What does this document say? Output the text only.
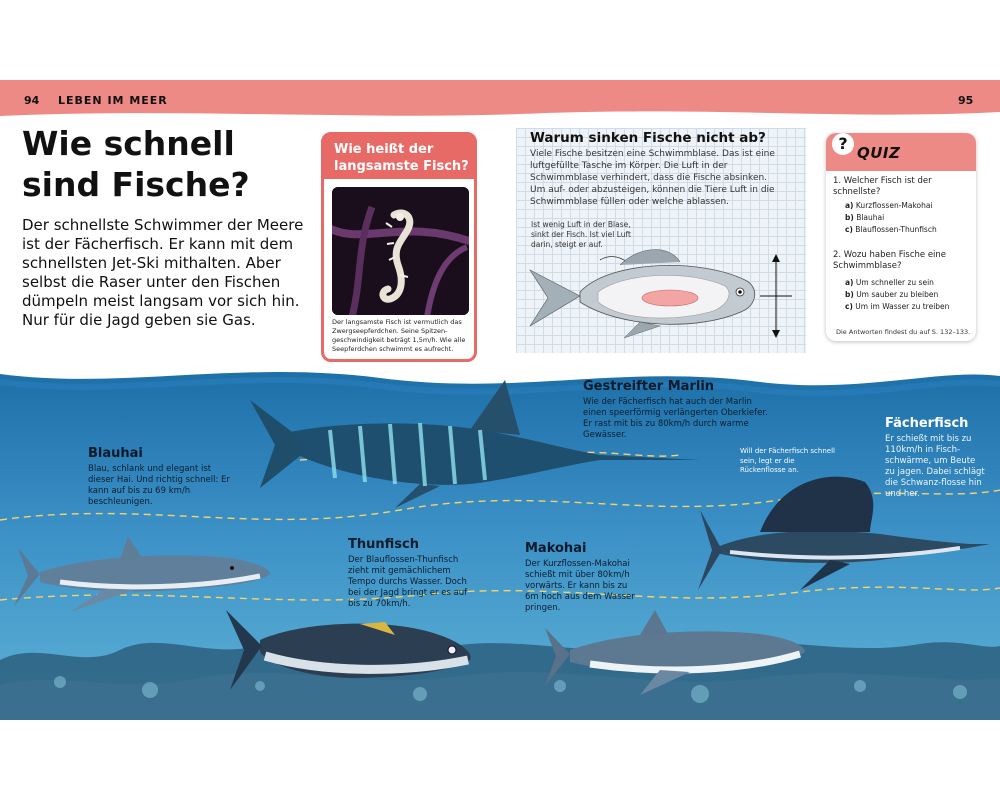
94 LEBEN IM MEER	95
Wie schnell sind Fische?
Der schnellste Schwimmer der Meere ist der Fächerfisch. Er kann mit dem schnellsten Jet-Ski mithalten. Aber selbst die Raser unter den Fischen dümpeln meist langsam vor sich hin. Nur für die Jagd geben sie Gas.
Wie heißt der langsamste Fisch?
Der langsamste Fisch ist vermutlich das Zwergseepferdchen. Seine Spitzen-geschwindigkeit beträgt 1,5m/h. Wie alle Seepferdchen schwimmt es aufrecht.
Warum sinken Fische nicht ab?
Viele Fische besitzen eine Schwimmblase. Das ist eine luftgefüllte Tasche im Körper. Die Luft in der Schwimmblase verhindert, dass die Fische absinken. Um auf- oder abzusteigen, können die Tiere Luft in die Schwimmblase füllen oder welche ablassen.
Ist wenig Luft in der Blase, sinkt der Fisch. Ist viel Luft darin, steigt er auf.
? QUIZ
1. Welcher Fisch ist der schnellste?
a) Kurzflossen-Makohai
b) Blauhai
c) Blauflossen-Thunfisch
2. Wozu haben Fische eine Schwimmblase?
a) Um schneller zu sein
b) Um sauber zu bleiben
c) Um im Wasser zu treiben
Die Antworten findest du auf S. 132–133.
Blauhai
Blau, schlank und elegant ist dieser Hai. Und richtig schnell: Er kann auf bis zu 69 km/h beschleunigen.
Gestreifter Marlin
Wie der Fächerfisch hat auch der Marlin einen speerförmig verlängerten Oberkiefer. Er rast mit bis zu 80km/h durch warme Gewässer.
Fächerfisch
Er schießt mit bis zu 110km/h in Fisch-schwärme, um Beute zu jagen. Dabei schlägt die Schwanz-flosse hin und her.
Will der Fächerfisch schnell sein, legt er die Rückenflosse an.
Thunfisch
Der Blauflossen-Thunfisch zieht mit gemächlichem Tempo durchs Wasser. Doch bei der Jagd bringt er es auf bis zu 70km/h.
Makohai
Der Kurzflossen-Makohai schießt mit über 80km/h vorwärts. Er kann bis zu 6m hoch aus dem Wasser pringen.
